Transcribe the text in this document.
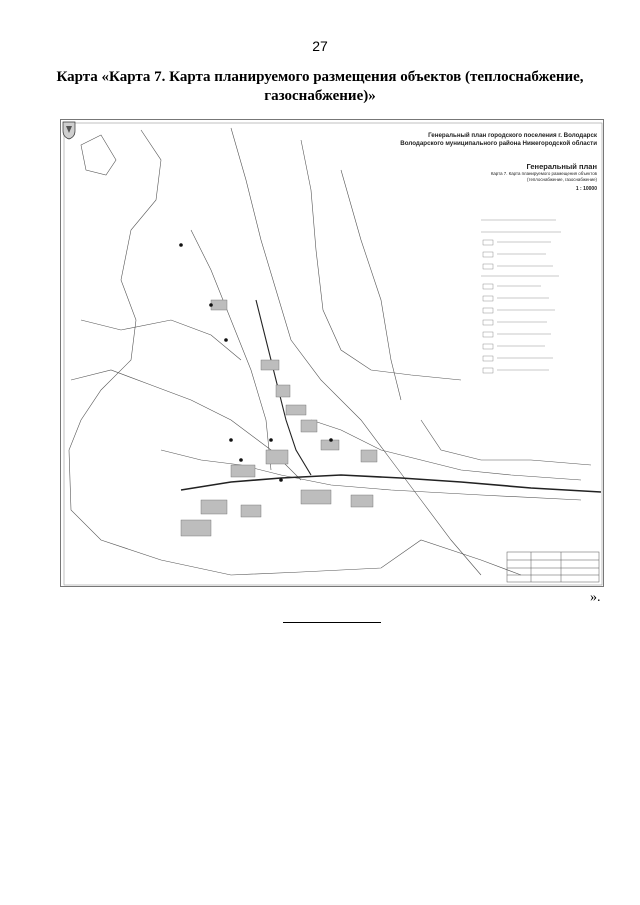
27
Карта «Карта 7. Карта планируемого размещения объектов (теплоснабжение, газоснабжение)»
Генеральный план городского поселения г. Володарск
Володарского муниципального района Нижегородской области
Генеральный план
Карта 7. Карта планируемого размещения объектов
(теплоснабжение, газоснабжение)
1 : 10000
».
